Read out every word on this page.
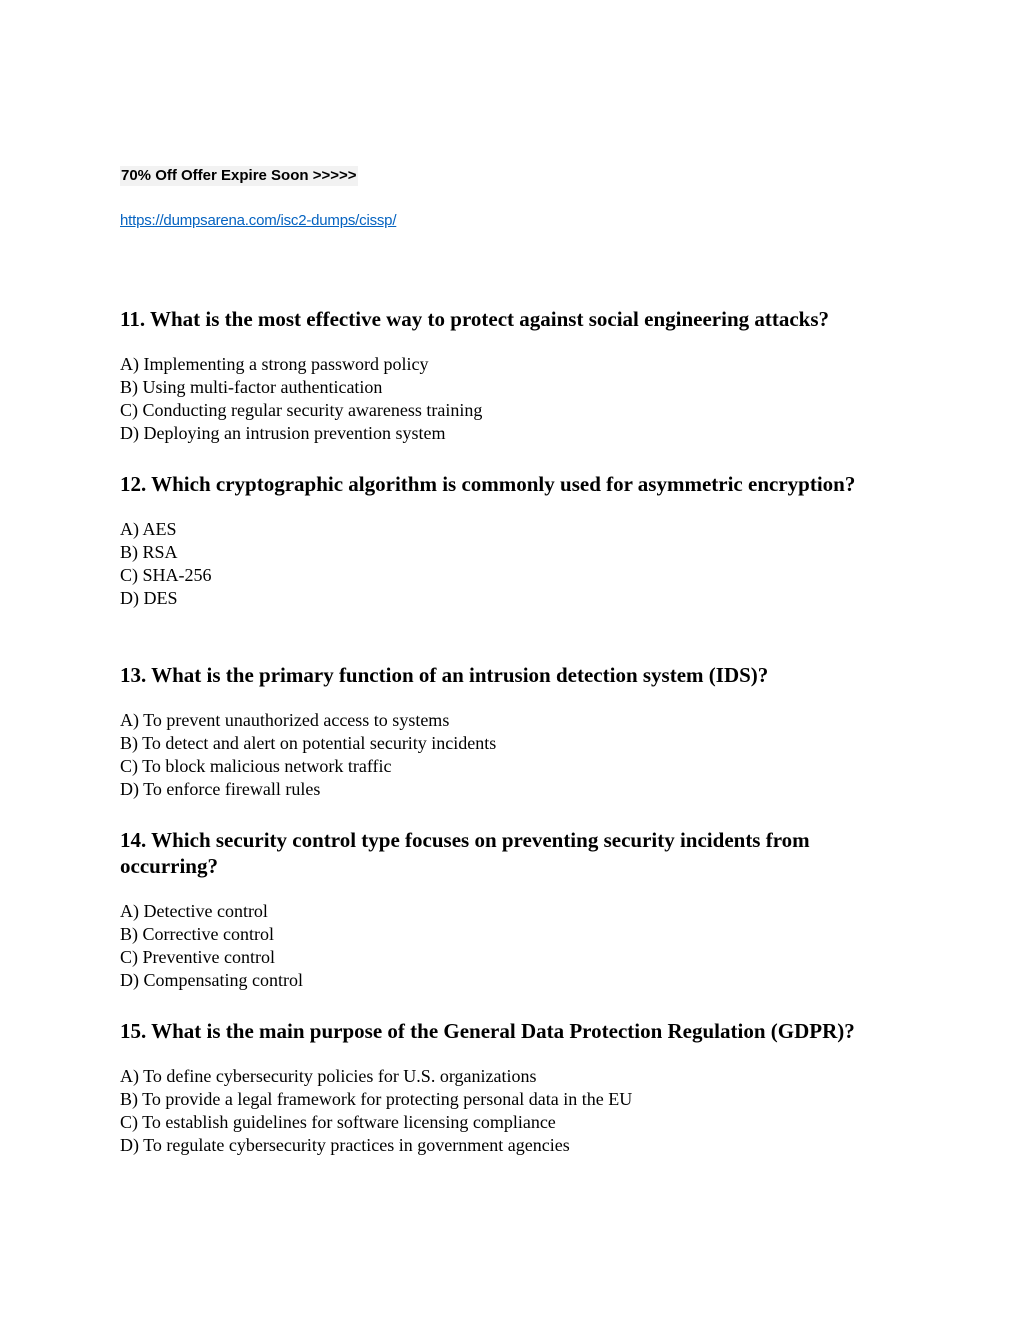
70% Off Offer Expire Soon >>>>>
https://dumpsarena.com/isc2-dumps/cissp/
11. What is the most effective way to protect against social engineering attacks?
A) Implementing a strong password policy
B) Using multi-factor authentication
C) Conducting regular security awareness training
D) Deploying an intrusion prevention system
12. Which cryptographic algorithm is commonly used for asymmetric encryption?
A) AES
B) RSA
C) SHA-256
D) DES
13. What is the primary function of an intrusion detection system (IDS)?
A) To prevent unauthorized access to systems
B) To detect and alert on potential security incidents
C) To block malicious network traffic
D) To enforce firewall rules
14. Which security control type focuses on preventing security incidents from occurring?
A) Detective control
B) Corrective control
C) Preventive control
D) Compensating control
15. What is the main purpose of the General Data Protection Regulation (GDPR)?
A) To define cybersecurity policies for U.S. organizations
B) To provide a legal framework for protecting personal data in the EU
C) To establish guidelines for software licensing compliance
D) To regulate cybersecurity practices in government agencies
